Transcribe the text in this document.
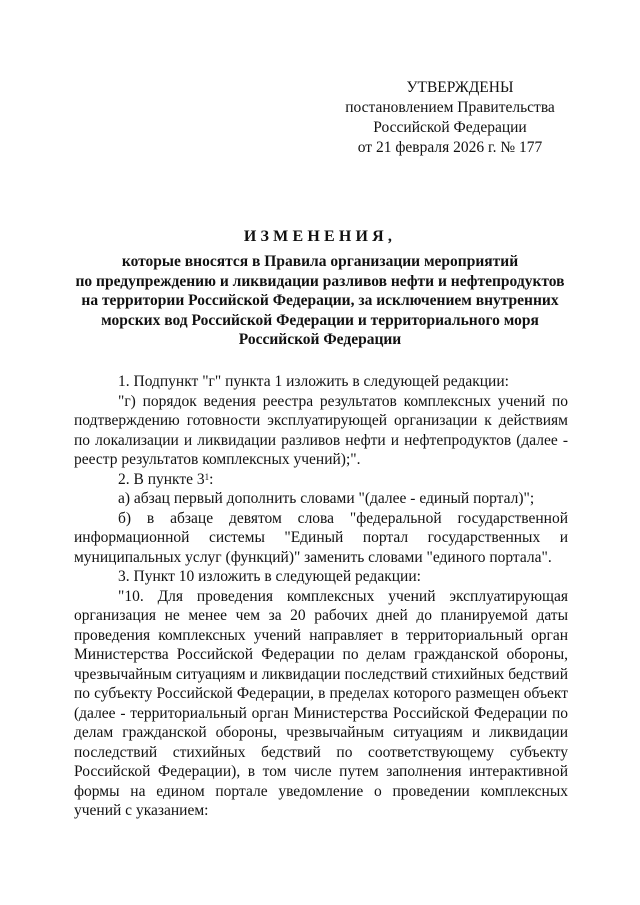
УТВЕРЖДЕНЫ
постановлением Правительства
Российской Федерации
от 21 февраля 2026 г. № 177
ИЗМЕНЕНИЯ,
которые вносятся в Правила организации мероприятий
по предупреждению и ликвидации разливов нефти и нефтепродуктов
на территории Российской Федерации, за исключением внутренних
морских вод Российской Федерации и территориального моря
Российской Федерации

1. Подпункт "г" пункта 1 изложить в следующей редакции:

"г) порядок ведения реестра результатов комплексных учений по подтверждению готовности эксплуатирующей организации к действиям по локализации и ликвидации разливов нефти и нефтепродуктов (далее - реестр результатов комплексных учений);".

2. В пункте $3^1$:

а) абзац первый дополнить словами "(далее - единый портал)";

б) в абзаце девятом слова "федеральной государственной информационной системы "Единый портал государственных и муниципальных услуг (функций)" заменить словами "единого портала".

3. Пункт 10 изложить в следующей редакции:

"10. Для проведения комплексных учений эксплуатирующая организация не менее чем за 20 рабочих дней до планируемой даты проведения комплексных учений направляет в территориальный орган Министерства Российской Федерации по делам гражданской обороны, чрезвычайным ситуациям и ликвидации последствий стихийных бедствий по субъекту Российской Федерации, в пределах которого размещен объект (далее - территориальный орган Министерства Российской Федерации по делам гражданской обороны, чрезвычайным ситуациям и ликвидации последствий стихийных бедствий по соответствующему субъекту Российской Федерации), в том числе путем заполнения интерактивной формы на едином портале уведомление о проведении комплексных учений с указанием:
